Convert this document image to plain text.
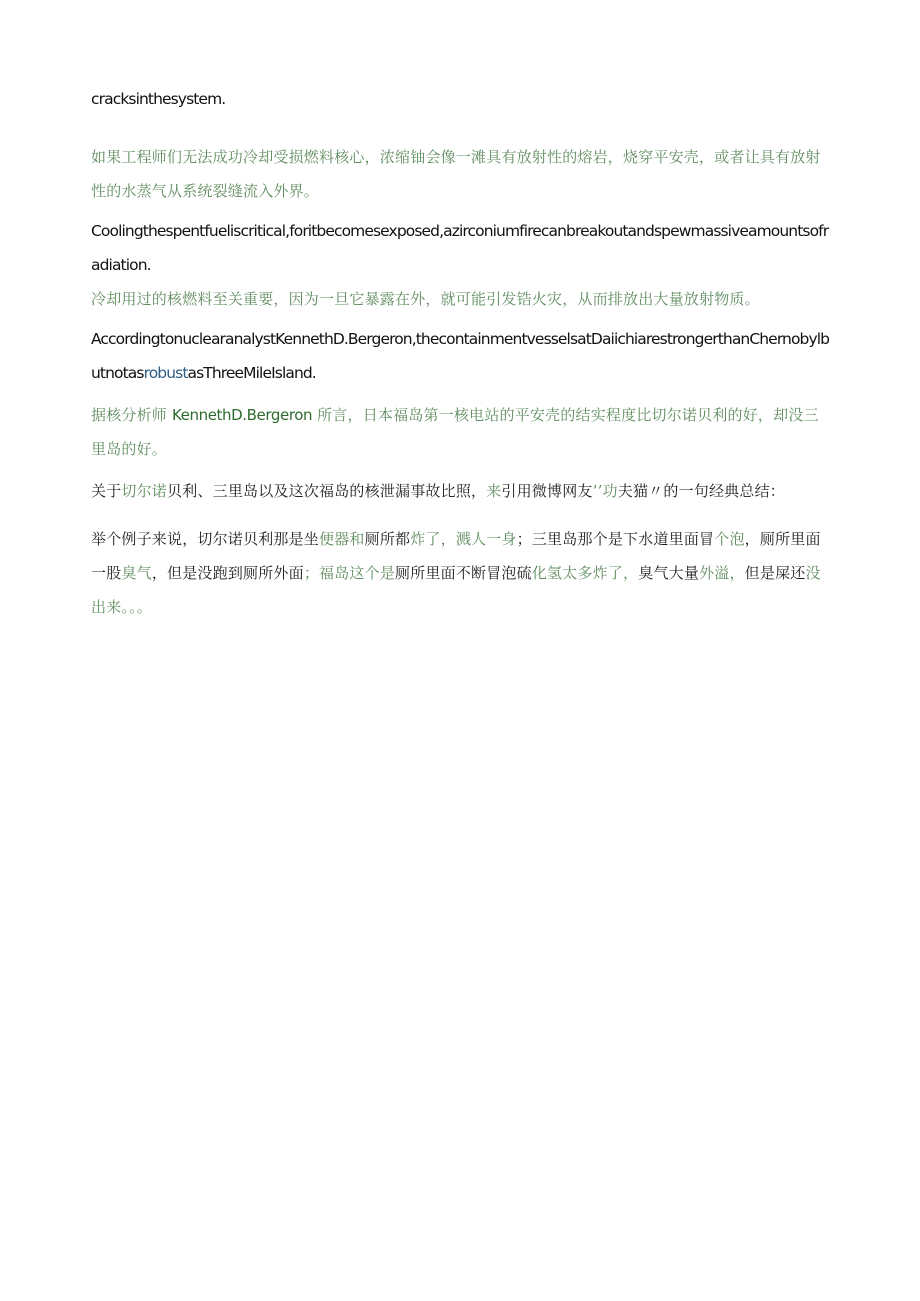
cracksinthesystem.

如果工程师们无法成功冷却受损燃料核心，浓缩铀会像一滩具有放射性的熔岩，烧穿平安壳，或者让具有放射性的水蒸气从系统裂缝流入外界。

Coolingthespentfueliscritical,foritbecomesexposed,azirconiumfirecanbreakoutandspewmassiveamountsofradiation.

冷却用过的核燃料至关重要，因为一旦它暴露在外，就可能引发锆火灾，从而排放出大量放射物质。

AccordingtonuclearanalystKennethD.Bergeron,thecontainmentvesselsatDaiichiarestrongerthanChernobylbutnotasrobustasThreeMileIsland.

据核分析师 KennethD.Bergeron 所言，日本福岛第一核电站的平安壳的结实程度比切尔诺贝利的好，却没三里岛的好。

关于切尔诺贝利、三里岛以及这次福岛的核泄漏事故比照，来引用微博网友’’功夫猫〃的一句经典总结：

举个例子来说，切尔诺贝利那是坐便器和厕所都炸了，溅人一身；三里岛那个是下水道里面冒个泡，厕所里面一股臭气，但是没跑到厕所外面；福岛这个是厕所里面不断冒泡硫化氢太多炸了，臭气大量外溢，但是屎还没出来。。。
